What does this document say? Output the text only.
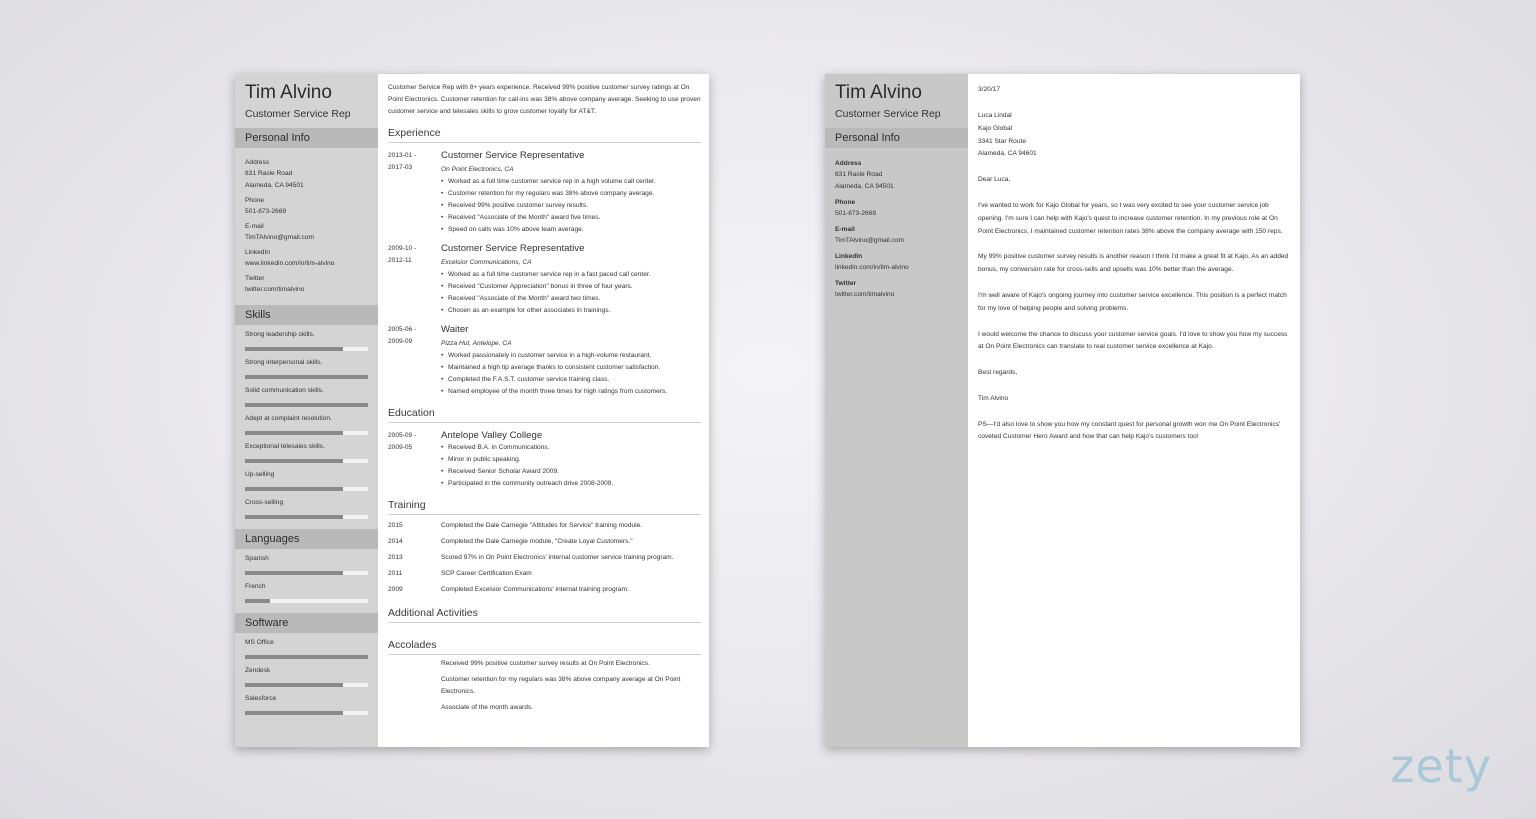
Tim Alvino
Customer Service Rep
Personal Info
Address
831 Rasle Road
Alameda, CA 94501
Phone
501-873-2669
E-mail
TimTAlvino@gmail.com
LinkedIn
www.linkedin.com/in/tim-alvino
Twitter
twitter.com/timalvino
Skills
Strong leadership skills.
Strong interpersonal skills.
Solid communication skills.
Adept at complaint resolution.
Exceptional telesales skills.
Up-selling
Cross-selling
Languages
Spanish
French
Software
MS Office
Zendesk
Salesforce
Customer Service Rep with 8+ years experience. Received 99% positive customer survey ratings at On Point Electronics. Customer retention for call-ins was 38% above company average. Seeking to use proven customer service and telesales skills to grow customer loyalty for AT&T.
Experience
2013-01 -
2017-03
Customer Service Representative
On Point Electronics, CA
• Worked as a full time customer service rep in a high volume call center.
• Customer retention for my regulars was 38% above company average.
• Received 99% positive customer survey results.
• Received "Associate of the Month" award five times.
• Speed on calls was 10% above team average.
2009-10 -
2012-11
Customer Service Representative
Excelsior Communications, CA
• Worked as a full time customer service rep in a fast paced call center.
• Received "Customer Appreciation" bonus in three of four years.
• Received "Associate of the Month" award two times.
• Chosen as an example for other associates in trainings.
2005-06 -
2009-09
Waiter
Pizza Hut, Antelope, CA
• Worked passionately in customer service in a high-volume restaurant.
• Maintained a high tip average thanks to consistent customer satisfaction.
• Completed the F.A.S.T. customer service training class.
• Named employee of the month three times for high ratings from customers.
Education
2005-09 -
2009-05
Antelope Valley College
• Received B.A. in Communications.
• Minor in public speaking.
• Received Senior Scholar Award 2009.
• Participated in the community outreach drive 2008-2009.
Training
2015	Completed the Dale Carnegie "Attitudes for Service" training module.
2014	Completed the Dale Carnegie module, "Create Loyal Customers."
2013	Scored 97% in On Point Electronics' internal customer service training program.
2011	SCP Career Certification Exam
2009	Completed Excelsior Communications' internal training program.
Additional Activities
Accolades

Received 99% positive customer survey results at On Point Electronics.

Customer retention for my regulars was 38% above company average at On Point Electronics.

Associate of the month awards.

Tim Alvino
Customer Service Rep
Personal Info
Address
831 Rasle Road
Alameda, CA 94501
Phone
501-873-2669
E-mail
TimTAlvino@gmail.com
LinkedIn
linkedin.com/in/tim-alvino
Twitter
twitter.com/timalvino

3/20/17

Luca Lindal
Kajo Global
3341 Star Route
Alameda, CA 94601

Dear Luca,

I've wanted to work for Kajo Global for years, so I was very excited to see your customer service job opening. I'm sure I can help with Kajo's quest to increase customer retention. In my previous role at On Point Electronics, I maintained customer retention rates 38% above the company average with 150 reps.

My 99% positive customer survey results is another reason I think I'd make a great fit at Kajo. As an added bonus, my conversion rate for cross-sells and upsells was 10% better than the average.

I'm well aware of Kajo's ongoing journey into customer service excellence. This position is a perfect match for my love of helping people and solving problems.

I would welcome the chance to discuss your customer service goals. I'd love to show you how my success at On Point Electronics can translate to real customer service excellence at Kajo.

Best regards,

Tim Alvino

PS—I'd also love to show you how my constant quest for personal growth won me On Point Electronics' coveted Customer Hero Award and how that can help Kajo's customers too!

zety
